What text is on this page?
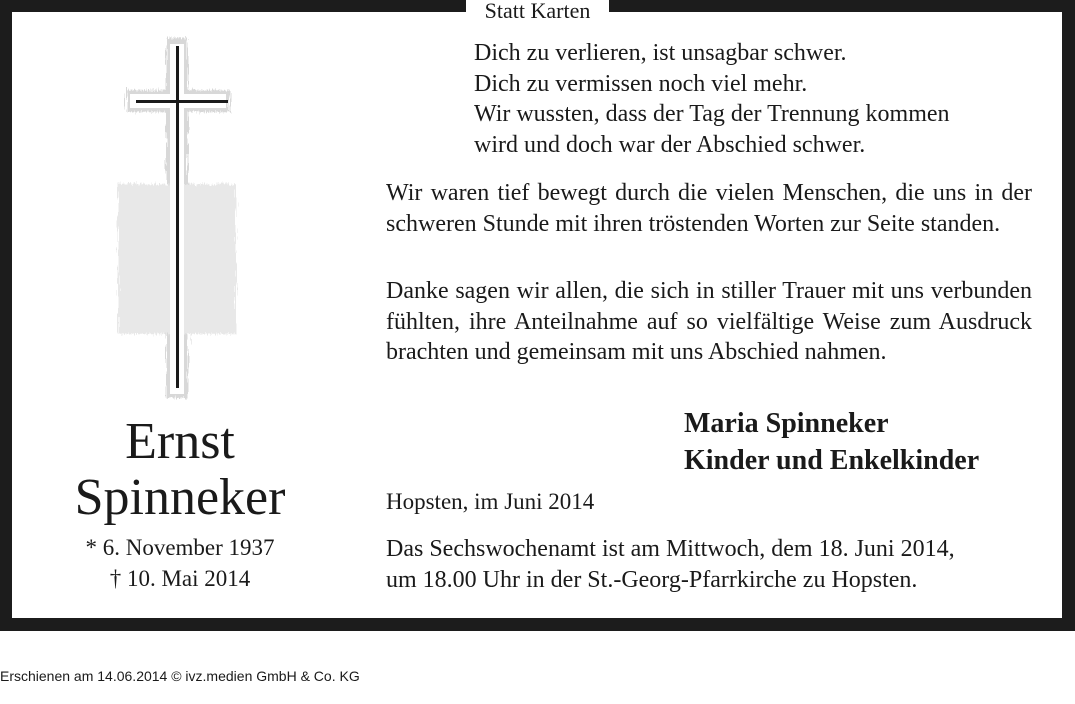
Statt Karten
Ernst
Spinneker
* 6. November 1937
† 10. Mai 2014
Dich zu verlieren, ist unsagbar schwer.
Dich zu vermissen noch viel mehr.
Wir wussten, dass der Tag der Trennung kommen
wird und doch war der Abschied schwer.

Wir waren tief bewegt durch die vielen Menschen, die uns in der schweren Stunde mit ihren tröstenden Worten zur Seite standen.

Danke sagen wir allen, die sich in stiller Trauer mit uns verbunden fühlten, ihre Anteilnahme auf so vielfältige Weise zum Ausdruck brachten und gemeinsam mit uns Abschied nahmen.

Maria Spinneker
Kinder und Enkelkinder
Hopsten, im Juni 2014
Das Sechswochenamt ist am Mittwoch, dem 18. Juni 2014,
um 18.00 Uhr in der St.-Georg-Pfarrkirche zu Hopsten.
Erschienen am 14.06.2014 © ivz.medien GmbH & Co. KG
